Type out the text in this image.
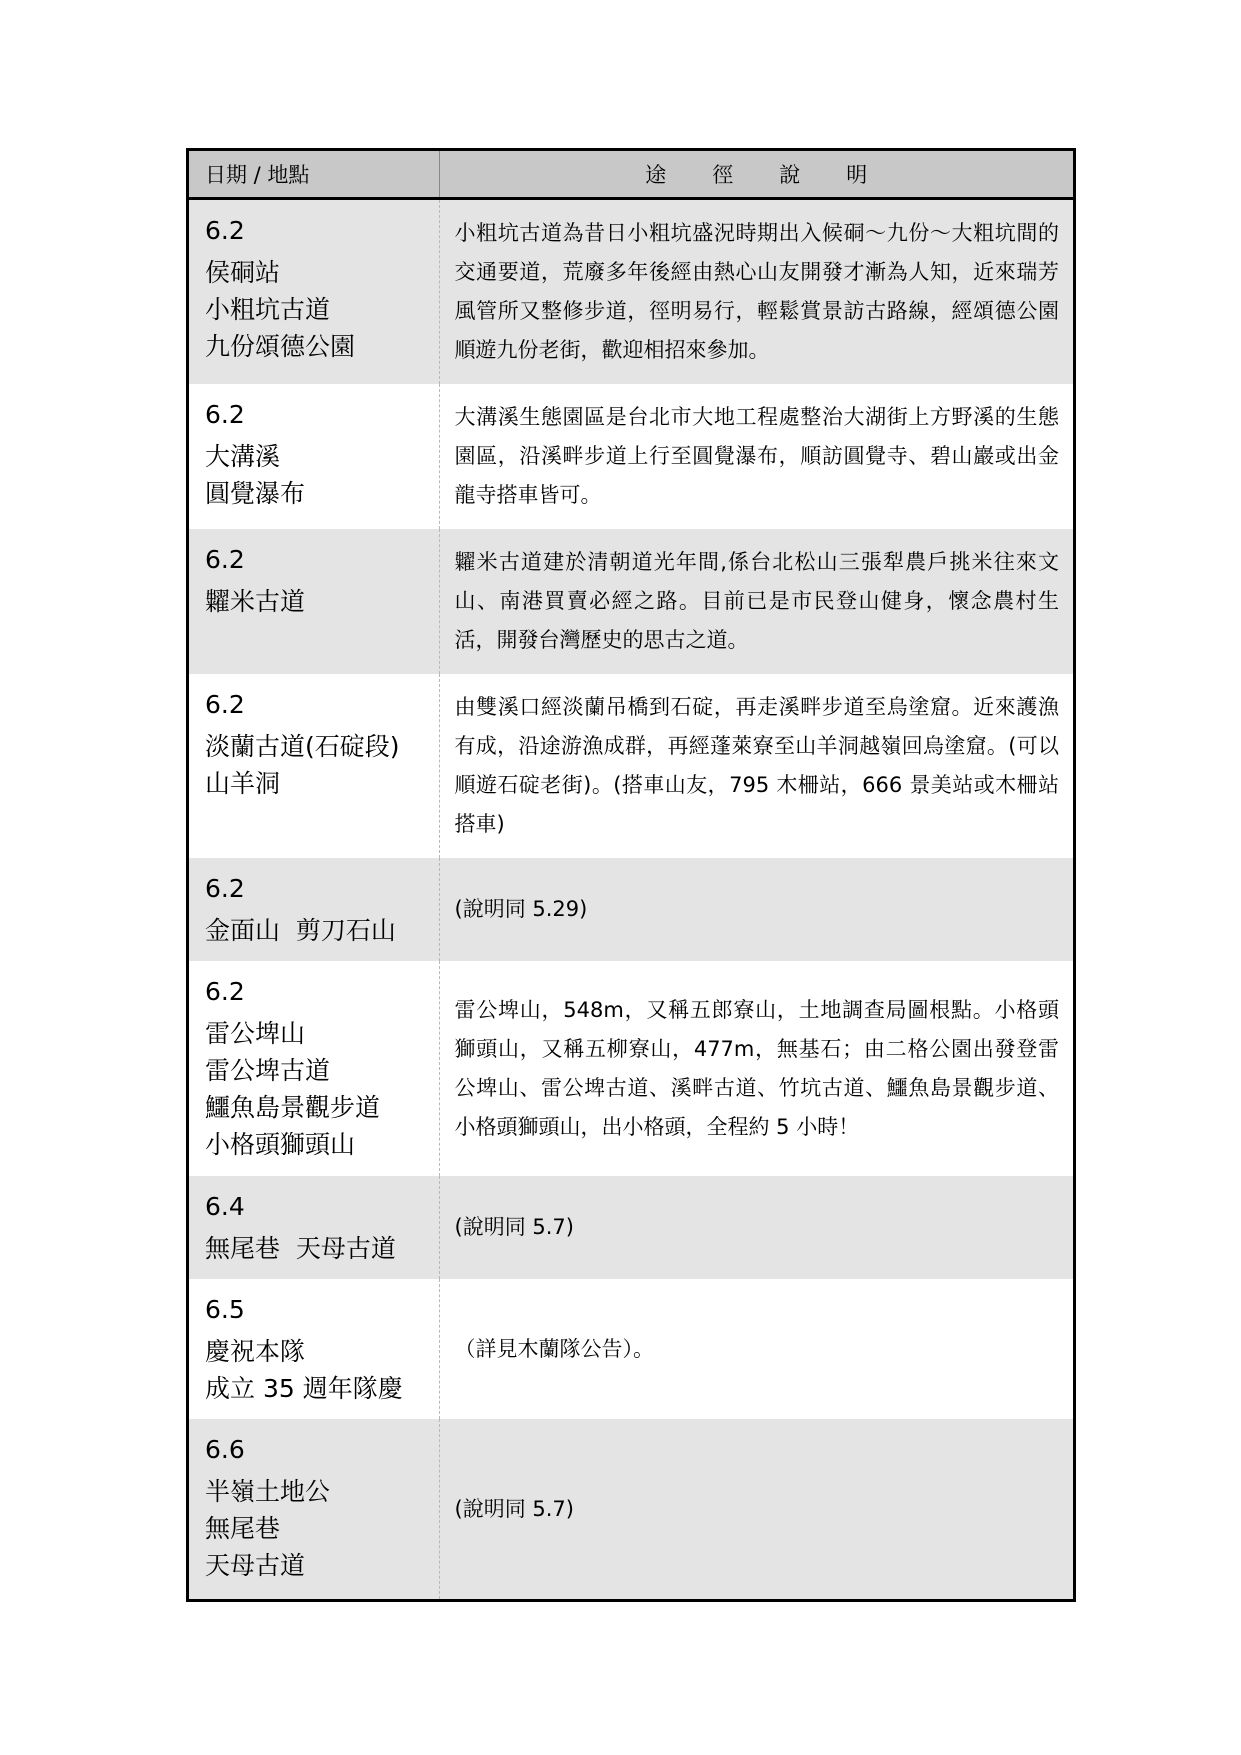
日期 / 地點	途徑說明

6.2
侯硐站
小粗坑古道
九份頌德公園	小粗坑古道為昔日小粗坑盛況時期出入候硐～九份～大粗坑間的交通要道，荒廢多年後經由熱心山友開發才漸為人知，近來瑞芳風管所又整修步道，徑明易行，輕鬆賞景訪古路線，經頌德公園順遊九份老街，歡迎相招來參加。

6.2
大溝溪
圓覺瀑布	大溝溪生態園區是台北市大地工程處整治大湖街上方野溪的生態園區，沿溪畔步道上行至圓覺瀑布，順訪圓覺寺、碧山巖或出金龍寺搭車皆可。

6.2
糶米古道	糶米古道建於清朝道光年間,係台北松山三張犁農戶挑米往來文山、南港買賣必經之路。目前已是市民登山健身，懷念農村生活，開發台灣歷史的思古之道。

6.2
淡蘭古道(石碇段)
山羊洞	由雙溪口經淡蘭吊橋到石碇，再走溪畔步道至烏塗窟。近來護漁有成，沿途游漁成群，再經蓬萊寮至山羊洞越嶺回烏塗窟。(可以順遊石碇老街)。(搭車山友，795 木柵站，666 景美站或木柵站搭車)

6.2
金面山  剪刀石山	(說明同 5.29)

6.2
雷公埤山
雷公埤古道
鱷魚島景觀步道
小格頭獅頭山	雷公埤山，548m，又稱五郎寮山，土地調查局圖根點。小格頭獅頭山，又稱五柳寮山，477m，無基石；由二格公園出發登雷公埤山、雷公埤古道、溪畔古道、竹坑古道、鱷魚島景觀步道、小格頭獅頭山，出小格頭，全程約 5 小時！

6.4
無尾巷  天母古道	(說明同 5.7)

6.5
慶祝本隊
成立 35 週年隊慶	（詳見木蘭隊公告）。

6.6
半嶺土地公
無尾巷
天母古道	(說明同 5.7)
